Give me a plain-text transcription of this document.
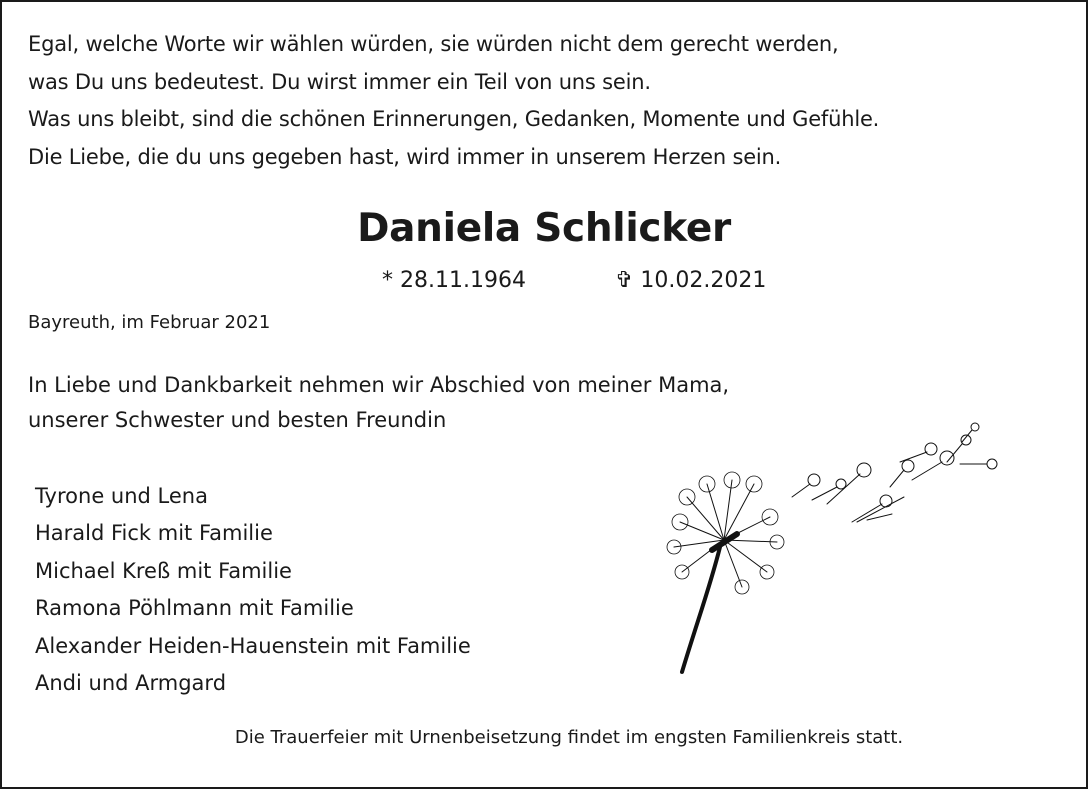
Egal, welche Worte wir wählen würden, sie würden nicht dem gerecht werden,
was Du uns bedeutest. Du wirst immer ein Teil von uns sein.
Was uns bleibt, sind die schönen Erinnerungen, Gedanken, Momente und Gefühle.
Die Liebe, die du uns gegeben hast, wird immer in unserem Herzen sein.
Daniela Schlicker
* 28.11.1964	✞ 10.02.2021
Bayreuth, im Februar 2021
In Liebe und Dankbarkeit nehmen wir Abschied von meiner Mama,
unserer Schwester und besten Freundin
Tyrone und Lena
Harald Fick mit Familie
Michael Kreß mit Familie
Ramona Pöhlmann mit Familie
Alexander Heiden-Hauenstein mit Familie
Andi und Armgard
Die Trauerfeier mit Urnenbeisetzung findet im engsten Familienkreis statt.
